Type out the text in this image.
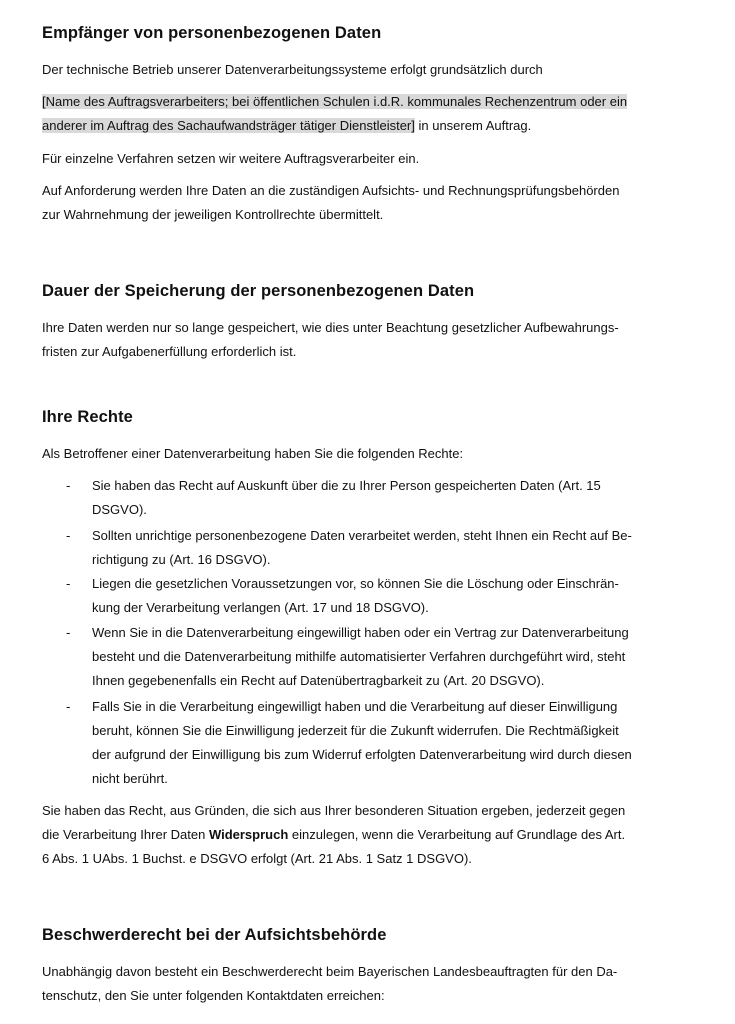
Empfänger von personenbezogenen Daten
Der technische Betrieb unserer Datenverarbeitungssysteme erfolgt grundsätzlich durch
[Name des Auftragsverarbeiters; bei öffentlichen Schulen i.d.R. kommunales Rechenzentrum oder ein
anderer im Auftrag des Sachaufwandsträger tätiger Dienstleister] in unserem Auftrag.
Für einzelne Verfahren setzen wir weitere Auftragsverarbeiter ein.
Auf Anforderung werden Ihre Daten an die zuständigen Aufsichts- und Rechnungsprüfungsbehörden
zur Wahrnehmung der jeweiligen Kontrollrechte übermittelt.
Dauer der Speicherung der personenbezogenen Daten
Ihre Daten werden nur so lange gespeichert, wie dies unter Beachtung gesetzlicher Aufbewahrungs-
fristen zur Aufgabenerfüllung erforderlich ist.
Ihre Rechte
Als Betroffener einer Datenverarbeitung haben Sie die folgenden Rechte:
- Sie haben das Recht auf Auskunft über die zu Ihrer Person gespeicherten Daten (Art. 15
DSGVO).
- Sollten unrichtige personenbezogene Daten verarbeitet werden, steht Ihnen ein Recht auf Be-
richtigung zu (Art. 16 DSGVO).
- Liegen die gesetzlichen Voraussetzungen vor, so können Sie die Löschung oder Einschrän-
kung der Verarbeitung verlangen (Art. 17 und 18 DSGVO).
- Wenn Sie in die Datenverarbeitung eingewilligt haben oder ein Vertrag zur Datenverarbeitung
besteht und die Datenverarbeitung mithilfe automatisierter Verfahren durchgeführt wird, steht
Ihnen gegebenenfalls ein Recht auf Datenübertragbarkeit zu (Art. 20 DSGVO).
- Falls Sie in die Verarbeitung eingewilligt haben und die Verarbeitung auf dieser Einwilligung
beruht, können Sie die Einwilligung jederzeit für die Zukunft widerrufen. Die Rechtmäßigkeit
der aufgrund der Einwilligung bis zum Widerruf erfolgten Datenverarbeitung wird durch diesen
nicht berührt.
Sie haben das Recht, aus Gründen, die sich aus Ihrer besonderen Situation ergeben, jederzeit gegen
die Verarbeitung Ihrer Daten Widerspruch einzulegen, wenn die Verarbeitung auf Grundlage des Art.
6 Abs. 1 UAbs. 1 Buchst. e DSGVO erfolgt (Art. 21 Abs. 1 Satz 1 DSGVO).
Beschwerderecht bei der Aufsichtsbehörde
Unabhängig davon besteht ein Beschwerderecht beim Bayerischen Landesbeauftragten für den Da-
tenschutz, den Sie unter folgenden Kontaktdaten erreichen:
